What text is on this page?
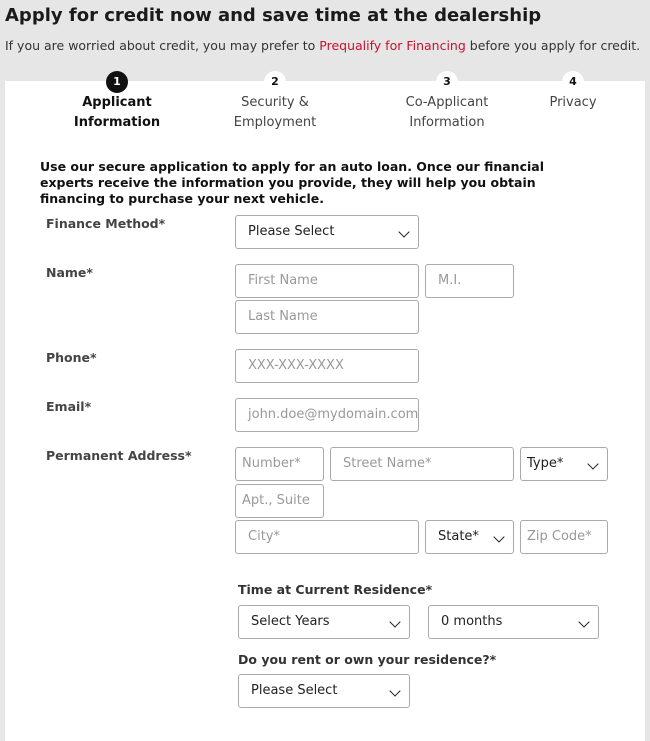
Apply for credit now and save time at the dealership
If you are worried about credit, you may prefer to Prequalify for Financing before you apply for credit.
1
Applicant
Information
2
Security &
Employment
3
Co-Applicant
Information
4
Privacy
Use our secure application to apply for an auto loan. Once our financial experts receive the information you provide, they will help you obtain financing to purchase your next vehicle.
Finance Method*
Please Select
Name*
First Name	M.I.
Last Name
Phone*
XXX-XXX-XXXX
Email*
john.doe@mydomain.com
Permanent Address*
Number*	Street Name*	Type*
Apt., Suite
City*	State*	Zip Code*
Time at Current Residence*
Select Years	0 months
Do you rent or own your residence?*
Please Select
